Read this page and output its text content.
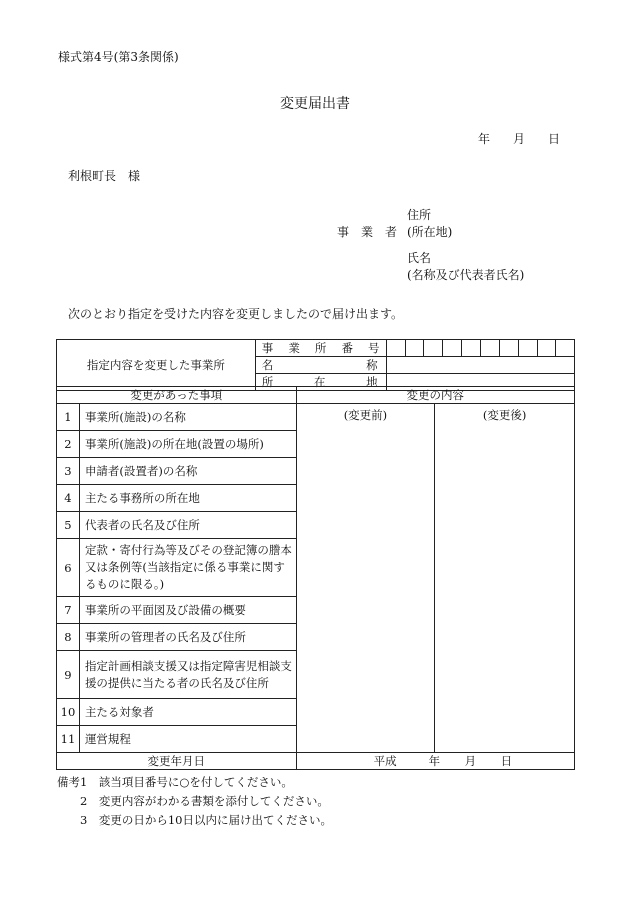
様式第4号(第3条関係)
変更届出書
年 月 日
利根町長　様
住所
事　業　者 (所在地)
氏名
(名称及び代表者氏名)
次のとおり指定を受けた内容を変更しましたので届け出ます。
指定内容を変更した事業所	事 業 所 番 号										

	名 称										

	所 在 地										

変更があった事項		変更の内容	
1	事業所(施設)の名称	(変更前)	(変更後)
2	事業所(施設)の所在地(設置の場所)		
3	申請者(設置者)の名称		
4	主たる事務所の所在地		
5	代表者の氏名及び住所		
6	定款・寄付行為等及びその登記簿の謄本又は条例等(当該指定に係る事業に関するものに限る。)		
7	事業所の平面図及び設備の概要		
8	事業所の管理者の氏名及び住所		
9	指定計画相談支援又は指定障害児相談支援の提供に当たる者の氏名及び住所		
10	主たる対象者		
11	運営規程		
変更年月日		平成 年 月 日	
備考1　該当項目番号に○を付してください。
2　変更内容がわかる書類を添付してください。
3　変更の日から10日以内に届け出てください。
